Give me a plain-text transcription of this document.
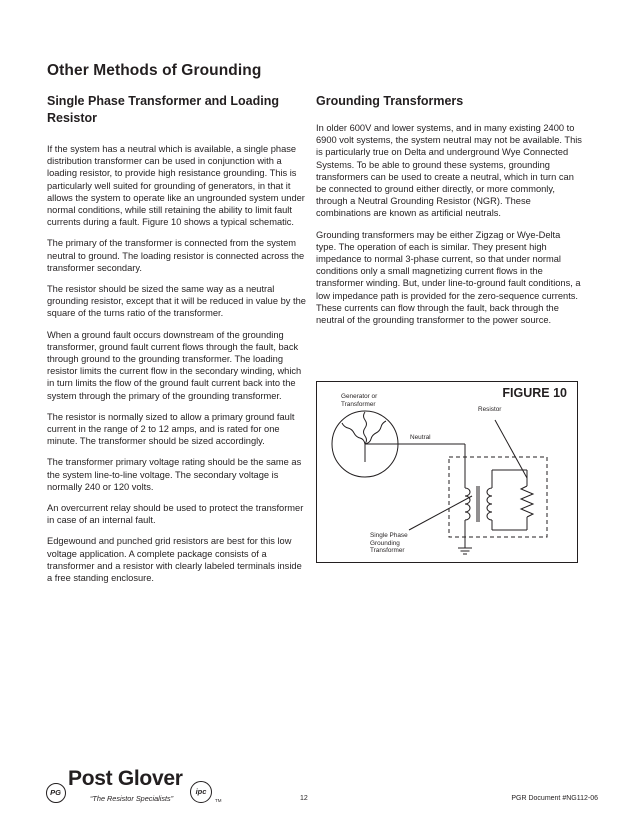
Other Methods of Grounding
Single Phase Transformer and Loading Resistor

If the system has a neutral which is available, a single phase distribution transformer can be used in conjunction with a loading resistor, to provide high resistance grounding. This is particularly well suited for grounding of generators, in that it allows the system to operate like an ungrounded system under normal conditions, while still retaining the ability to limit fault currents during a fault. Figure 10 shows a typical schematic.

The primary of the transformer is connected from the system neutral to ground. The loading resistor is connected across the transformer secondary.

The resistor should be sized the same way as a neutral grounding resistor, except that it will be reduced in value by the square of the turns ratio of the transformer.

When a ground fault occurs downstream of the grounding transformer, ground fault current flows through the fault, back through ground to the grounding transformer. The loading resistor limits the current flow in the secondary winding, which in turn limits the flow of the ground fault current back into the system through the primary of the grounding transformer.

The resistor is normally sized to allow a primary ground fault current in the range of 2 to 12 amps, and is rated for one minute. The transformer should be sized accordingly.

The transformer primary voltage rating should be the same as the system line-to-line voltage. The secondary voltage is normally 240 or 120 volts.

An overcurrent relay should be used to protect the transformer in case of an internal fault.

Edgewound and punched grid resistors are best for this low voltage application. A complete package consists of a transformer and a resistor with clearly labeled terminals inside a free standing enclosure.

Grounding Transformers

In older 600V and lower systems, and in many existing 2400 to 6900 volt systems, the system neutral may not be available. This is particularly true on Delta and underground Wye Connected Systems. To be able to ground these systems, grounding transformers can be used to create a neutral, which in turn can be connected to ground either directly, or more commonly, through a Neutral Grounding Resistor (NGR). These combinations are known as artificial neutrals.

Grounding transformers may be either Zigzag or Wye-Delta type. The operation of each is similar. They present high impedance to normal 3-phase current, so that under normal conditions only a small magnetizing current flows in the transformer winding. But, under line-to-ground fault conditions, a low impedance path is provided for the zero-sequence currents. These currents can flow through the fault, back through the neutral of the grounding transformer to the power source.

FIGURE 10
Generator or
Transformer
Resistor
Neutral
Single Phase
Grounding
Transformer
PG
Post Glover
“The Resistor Specialists”
ipc
TM	12	PGR Document #NG112-06
